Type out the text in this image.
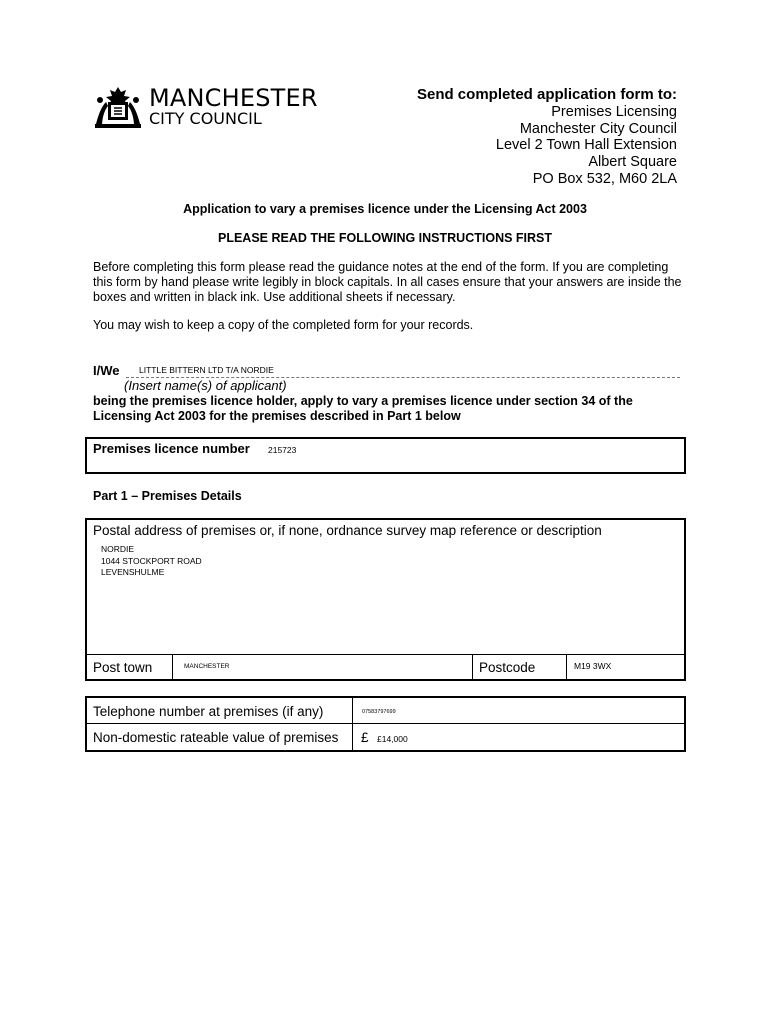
MANCHESTER
CITY COUNCIL
Send completed application form to:
Premises Licensing
Manchester City Council
Level 2 Town Hall Extension
Albert Square
PO Box 532, M60 2LA
Application to vary a premises licence under the Licensing Act 2003
PLEASE READ THE FOLLOWING INSTRUCTIONS FIRST
Before completing this form please read the guidance notes at the end of the form. If you are completing this form by hand please write legibly in block capitals. In all cases ensure that your answers are inside the boxes and written in black ink. Use additional sheets if necessary.
You may wish to keep a copy of the completed form for your records.
I/We LITTLE BITTERN LTD T/A NORDIE
(Insert name(s) of applicant)
being the premises licence holder, apply to vary a premises licence under section 34 of the Licensing Act 2003 for the premises described in Part 1 below
Premises licence number 215723
Part 1 – Premises Details
Postal address of premises or, if none, ordnance survey map reference or description
NORDIE
1044 STOCKPORT ROAD
LEVENSHULME
Post town	MANCHESTER	Postcode	M19 3WX
Telephone number at premises (if any)	07583797699
Non-domestic rateable value of premises £ £14,000
